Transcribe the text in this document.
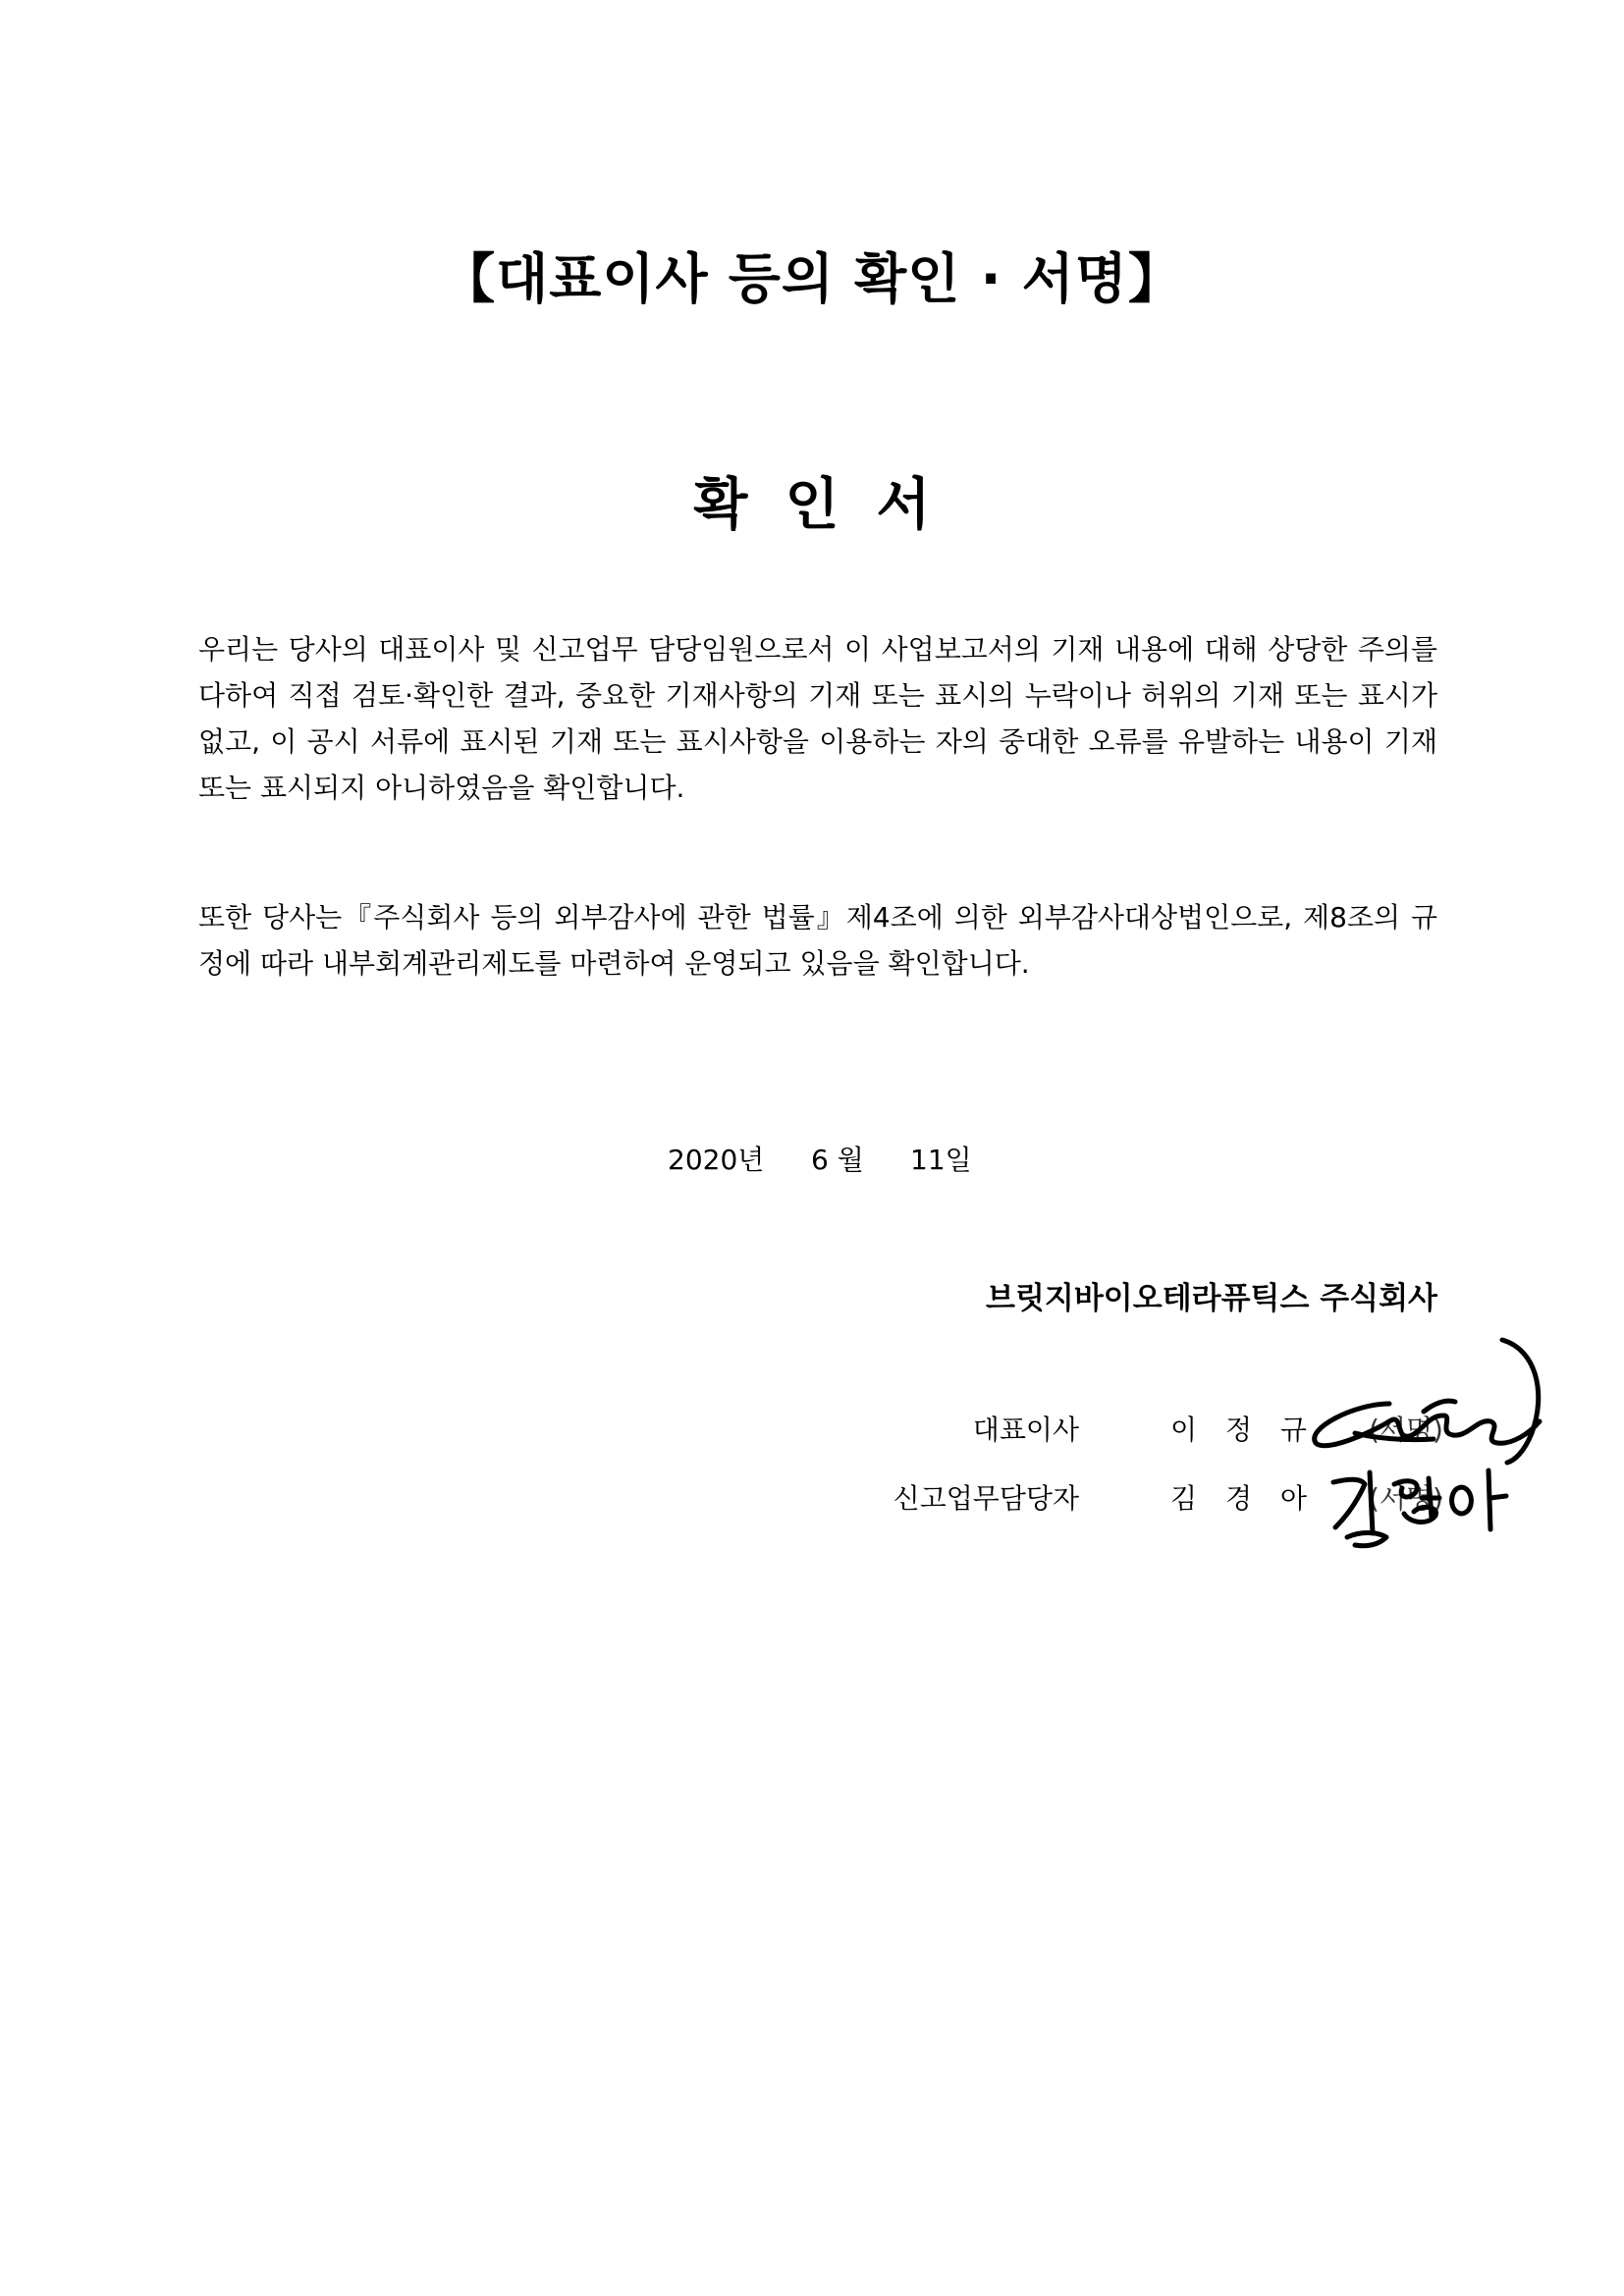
【대표이사 등의 확인 · 서명】
확인서

우리는 당사의 대표이사 및 신고업무 담당임원으로서 이 사업보고서의 기재 내용에 대해 상당한 주의를 다하여 직접 검토·확인한 결과, 중요한 기재사항의 기재 또는 표시의 누락이나 허위의 기재 또는 표시가 없고, 이 공시 서류에 표시된 기재 또는 표시사항을 이용하는 자의 중대한 오류를 유발하는 내용이 기재 또는 표시되지 아니하였음을 확인합니다.

또한 당사는『주식회사 등의 외부감사에 관한 법률』제4조에 의한 외부감사대상법인으로, 제8조의 규정에 따라 내부회계관리제도를 마련하여 운영되고 있음을 확인합니다.

2020년 6 월 11일
브릿지바이오테라퓨틱스 주식회사
대표이사	이 정 규 (서명)
신고업무담당자	김 경 아 (서명)
